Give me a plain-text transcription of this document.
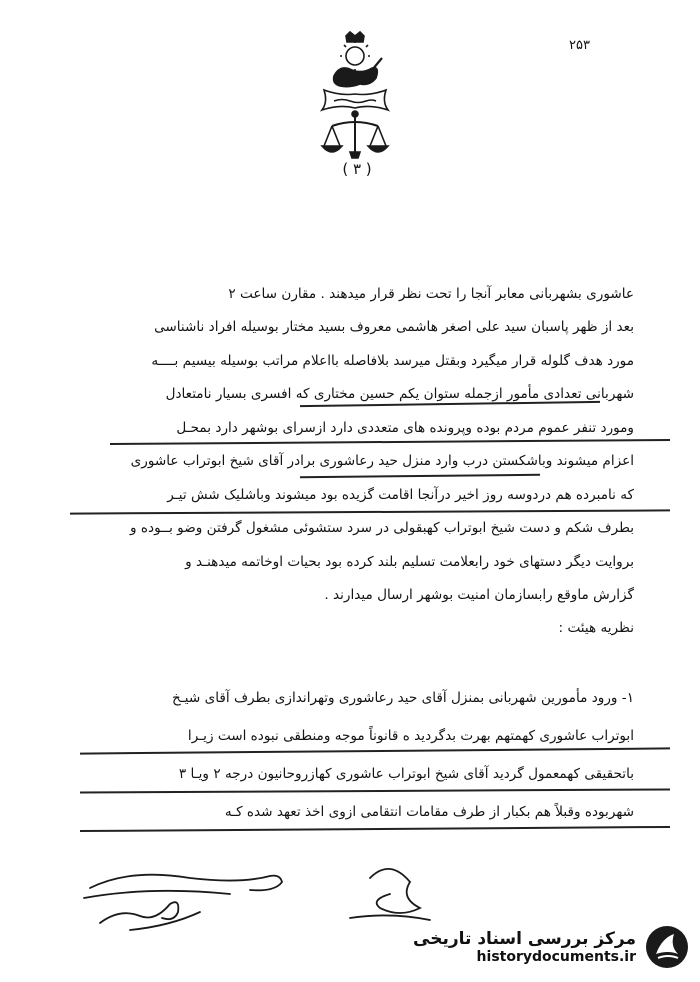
۲۵۳
( ۳ )
عاشوری بشهربانی معابر آنجا را تحت نظر قرار میدهند . مقارن ساعت ۲
بعد از ظهر پاسبان سید علی اصغر هاشمی معروف بسید مختار بوسیله افراد ناشناسی
مورد هدف گلوله قرار میگیرد وبقتل میرسد بلافاصله بااعلام مراتب بوسیله بیسیم بــــه
شهربانی تعدادی مأمور ازجمله ستوان یکم حسین مختاری که افسری بسیار نامتعادل
ومورد تنفر عموم مردم بوده وپرونده های متعددی دارد ازسرای بوشهر دارد بمحـل
اعزام میشوند وباشکستن درب وارد منزل حید رعاشوری برادر آقای شیخ ابوتراب عاشوری
که نامبرده هم دردوسه روز اخیر درآنجا اقامت گزیده بود میشوند وباشلیک شش تیـر
بطرف شکم و دست شیخ ابوتراب کهبقولی در سرد ستشوئی مشغول گرفتن وضو بــوده و
بروایت دیگر دستهای خود رابعلامت تسلیم بلند کرده بود بحیات اوخاتمه میدهنـد و
گزارش ماوقع رابسازمان امنیت بوشهر ارسال میدارند .
نظریه هیئت :
۱- ورود مأمورین شهربانی بمنزل آقای حید رعاشوری وتهراندازی بطرف آقای شیـخ
ابوتراب عاشوری کهمتهم بهرت بدگردید ه قانوناً موجه ومنطقی نبوده است زیـرا
باتحقیقی کهمعمول گردید آقای شیخ ابوتراب عاشوری کهازروحانیون درجه ۲ ویـا ۳
شهربوده وقبلاً هم بکبار از طرف مقامات انتقامی ازوی اخذ تعهد شده کـه
مرکز بررسی اسناد تاریخی
historydocuments.ir
